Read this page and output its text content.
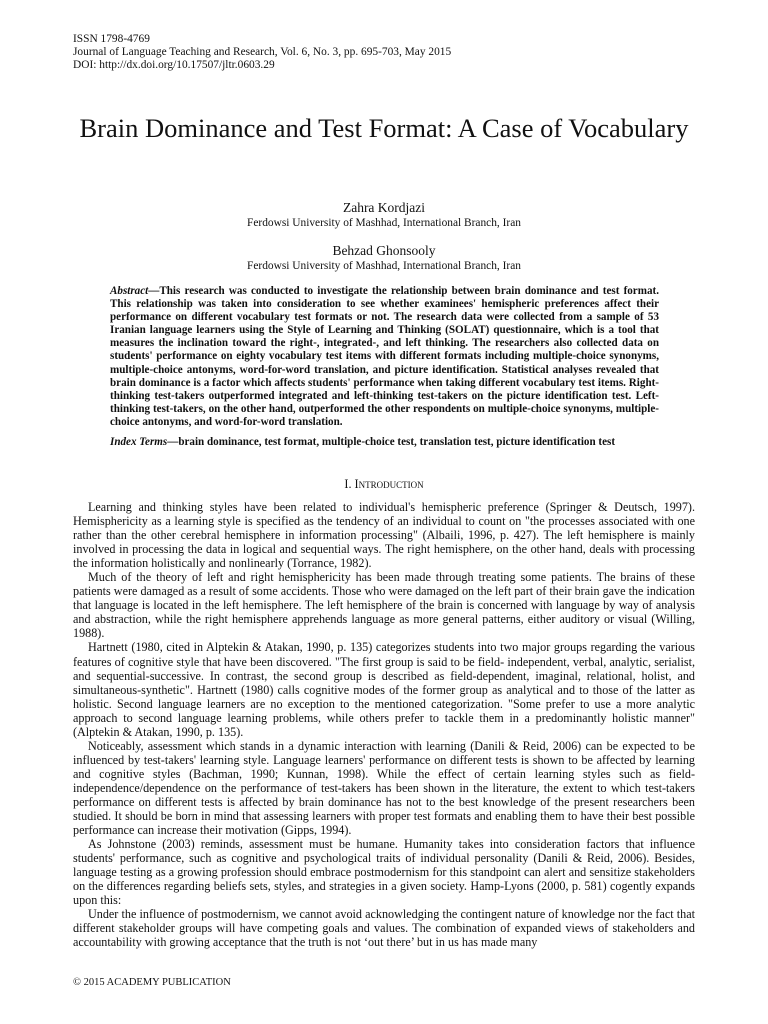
ISSN 1798-4769
Journal of Language Teaching and Research, Vol. 6, No. 3, pp. 695-703, May 2015
DOI: http://dx.doi.org/10.17507/jltr.0603.29
Brain Dominance and Test Format: A Case of Vocabulary
Zahra Kordjazi
Ferdowsi University of Mashhad, International Branch, Iran
Behzad Ghonsooly
Ferdowsi University of Mashhad, International Branch, Iran
Abstract—This research was conducted to investigate the relationship between brain dominance and test format. This relationship was taken into consideration to see whether examinees' hemispheric preferences affect their performance on different vocabulary test formats or not. The research data were collected from a sample of 53 Iranian language learners using the Style of Learning and Thinking (SOLAT) questionnaire, which is a tool that measures the inclination toward the right-, integrated-, and left thinking. The researchers also collected data on students' performance on eighty vocabulary test items with different formats including multiple-choice synonyms, multiple-choice antonyms, word-for-word translation, and picture identification. Statistical analyses revealed that brain dominance is a factor which affects students' performance when taking different vocabulary test items. Right-thinking test-takers outperformed integrated and left-thinking test-takers on the picture identification test. Left-thinking test-takers, on the other hand, outperformed the other respondents on multiple-choice synonyms, multiple-choice antonyms, and word-for-word translation.
Index Terms—brain dominance, test format, multiple-choice test, translation test, picture identification test
I. Introduction

Learning and thinking styles have been related to individual's hemispheric preference (Springer & Deutsch, 1997). Hemisphericity as a learning style is specified as the tendency of an individual to count on "the processes associated with one rather than the other cerebral hemisphere in information processing" (Albaili, 1996, p. 427). The left hemisphere is mainly involved in processing the data in logical and sequential ways. The right hemisphere, on the other hand, deals with processing the information holistically and nonlinearly (Torrance, 1982).

Much of the theory of left and right hemisphericity has been made through treating some patients. The brains of these patients were damaged as a result of some accidents. Those who were damaged on the left part of their brain gave the indication that language is located in the left hemisphere. The left hemisphere of the brain is concerned with language by way of analysis and abstraction, while the right hemisphere apprehends language as more general patterns, either auditory or visual (Willing, 1988).

Hartnett (1980, cited in Alptekin & Atakan, 1990, p. 135) categorizes students into two major groups regarding the various features of cognitive style that have been discovered. "The first group is said to be field- independent, verbal, analytic, serialist, and sequential-successive. In contrast, the second group is described as field-dependent, imaginal, relational, holist, and simultaneous-synthetic". Hartnett (1980) calls cognitive modes of the former group as analytical and to those of the latter as holistic. Second language learners are no exception to the mentioned categorization. "Some prefer to use a more analytic approach to second language learning problems, while others prefer to tackle them in a predominantly holistic manner" (Alptekin & Atakan, 1990, p. 135).

Noticeably, assessment which stands in a dynamic interaction with learning (Danili & Reid, 2006) can be expected to be influenced by test-takers' learning style. Language learners' performance on different tests is shown to be affected by learning and cognitive styles (Bachman, 1990; Kunnan, 1998). While the effect of certain learning styles such as field-independence/dependence on the performance of test-takers has been shown in the literature, the extent to which test-takers performance on different tests is affected by brain dominance has not to the best knowledge of the present researchers been studied. It should be born in mind that assessing learners with proper test formats and enabling them to have their best possible performance can increase their motivation (Gipps, 1994).

As Johnstone (2003) reminds, assessment must be humane. Humanity takes into consideration factors that influence students' performance, such as cognitive and psychological traits of individual personality (Danili & Reid, 2006). Besides, language testing as a growing profession should embrace postmodernism for this standpoint can alert and sensitize stakeholders on the differences regarding beliefs sets, styles, and strategies in a given society. Hamp-Lyons (2000, p. 581) cogently expands upon this:

Under the influence of postmodernism, we cannot avoid acknowledging the contingent nature of knowledge nor the fact that different stakeholder groups will have competing goals and values. The combination of expanded views of stakeholders and accountability with growing acceptance that the truth is not ‘out there’ but in us has made many

© 2015 ACADEMY PUBLICATION
